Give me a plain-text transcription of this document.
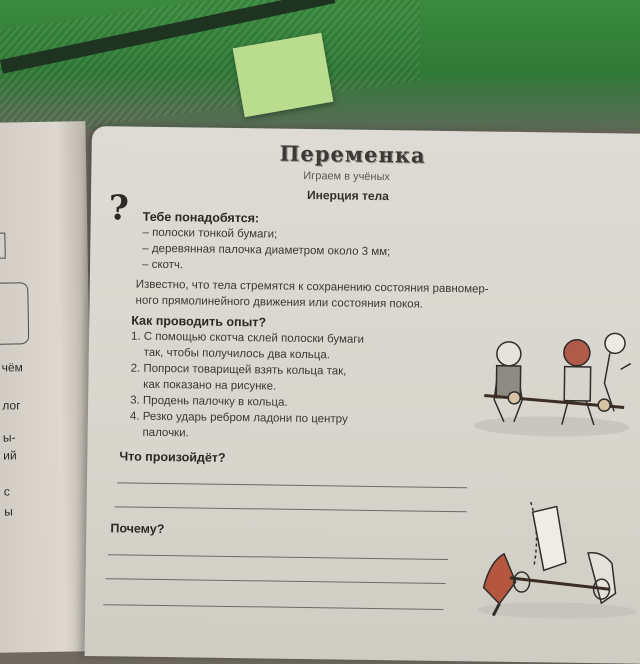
чём
лог
ы-
ий
с
ы
Переменка
Играем в учёных
Инерция тела
? Тебе понадобятся:
– полоски тонкой бумаги;
– деревянная палочка диаметром около 3 мм;
– скотч.
Известно, что тела стремятся к сохранению состояния равномер-
ного прямолинейного движения или состояния покоя.
Как проводить опыт?
1. С помощью скотча склей полоски бумаги
так, чтобы получилось два кольца.
2. Попроси товарищей взять кольца так,
как показано на рисунке.
3. Продень палочку в кольца.
4. Резко ударь ребром ладони по центру
палочки.
Что произойдёт?
Почему?
